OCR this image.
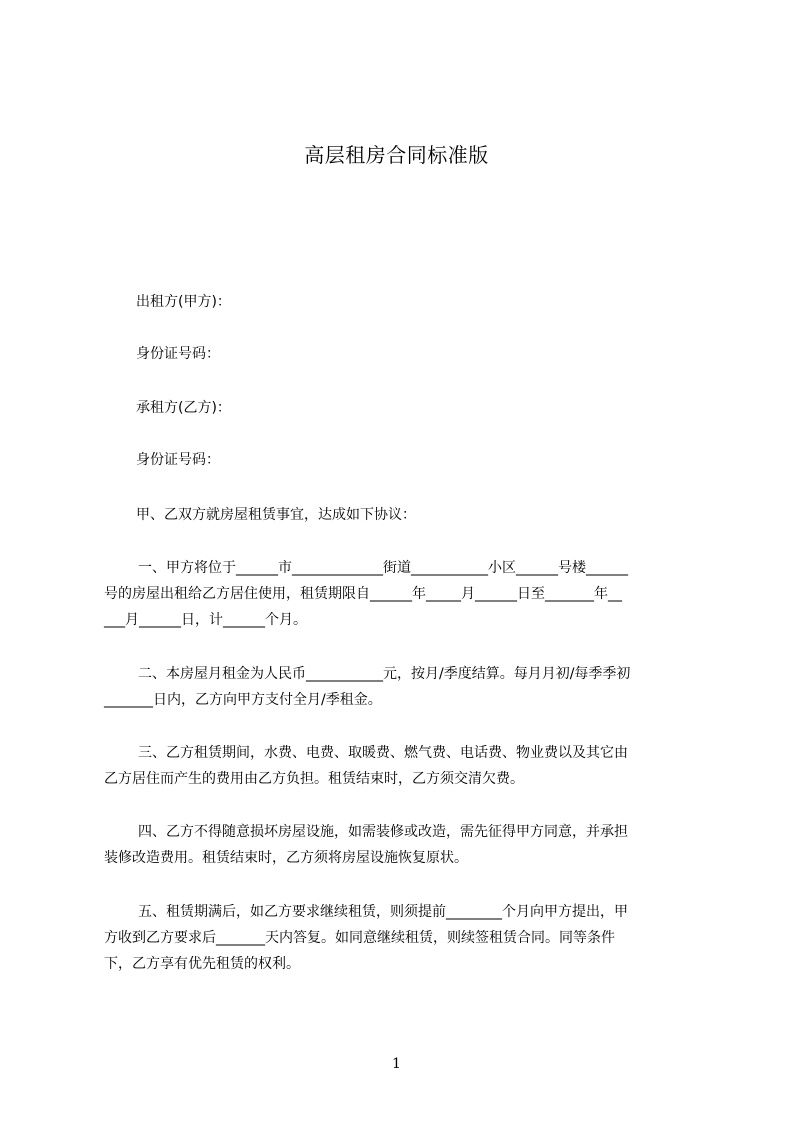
高层租房合同标准版
出租方(甲方)：
身份证号码：
承租方(乙方)：
身份证号码：
甲、乙双方就房屋租赁事宜，达成如下协议：
一、甲方将位于______市_____________街道___________小区______号楼______
号的房屋出租给乙方居住使用，租赁期限自______年_____月______日至_______年__
___月______日，计______个月。
二、本房屋月租金为人民币___________元，按月/季度结算。每月月初/每季季初
_______日内，乙方向甲方支付全月/季租金。
三、乙方租赁期间，水费、电费、取暖费、燃气费、电话费、物业费以及其它由
乙方居住而产生的费用由乙方负担。租赁结束时，乙方须交清欠费。
四、乙方不得随意损坏房屋设施，如需装修或改造，需先征得甲方同意，并承担
装修改造费用。租赁结束时，乙方须将房屋设施恢复原状。
五、租赁期满后，如乙方要求继续租赁，则须提前________个月向甲方提出，甲
方收到乙方要求后_______天内答复。如同意继续租赁，则续签租赁合同。同等条件
下，乙方享有优先租赁的权利。
1
